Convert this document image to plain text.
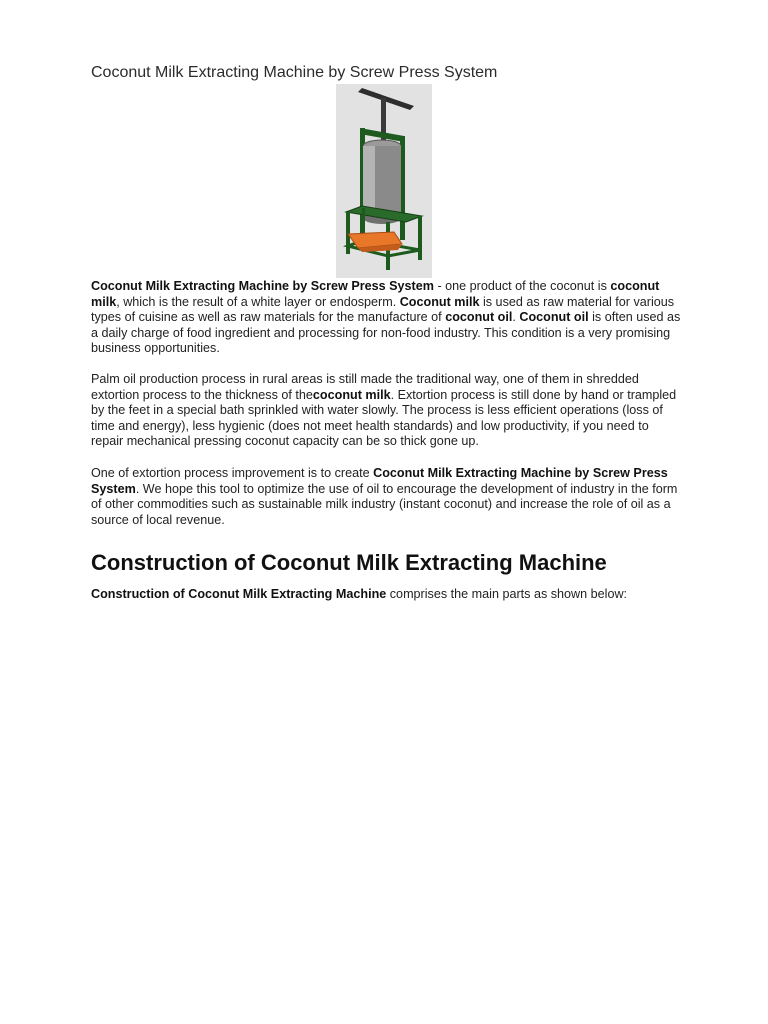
Coconut Milk Extracting Machine by Screw Press System

Coconut Milk Extracting Machine by Screw Press System - one product of the coconut is coconut milk, which is the result of a white layer or endosperm. Coconut milk is used as raw material for various types of cuisine as well as raw materials for the manufacture of coconut oil. Coconut oil is often used as a daily charge of food ingredient and processing for non-food industry. This condition is a very promising business opportunities.

Palm oil production process in rural areas is still made the traditional way, one of them in shredded extortion process to the thickness of thecoconut milk. Extortion process is still done by hand or trampled by the feet in a special bath sprinkled with water slowly. The process is less efficient operations (loss of time and energy), less hygienic (does not meet health standards) and low productivity, if you need to repair mechanical pressing coconut capacity can be so thick gone up.

One of extortion process improvement is to create Coconut Milk Extracting Machine by Screw Press System. We hope this tool to optimize the use of oil to encourage the development of industry in the form of other commodities such as sustainable milk industry (instant coconut) and increase the role of oil as a source of local revenue.

Construction of Coconut Milk Extracting Machine

Construction of Coconut Milk Extracting Machine comprises the main parts as shown below:
